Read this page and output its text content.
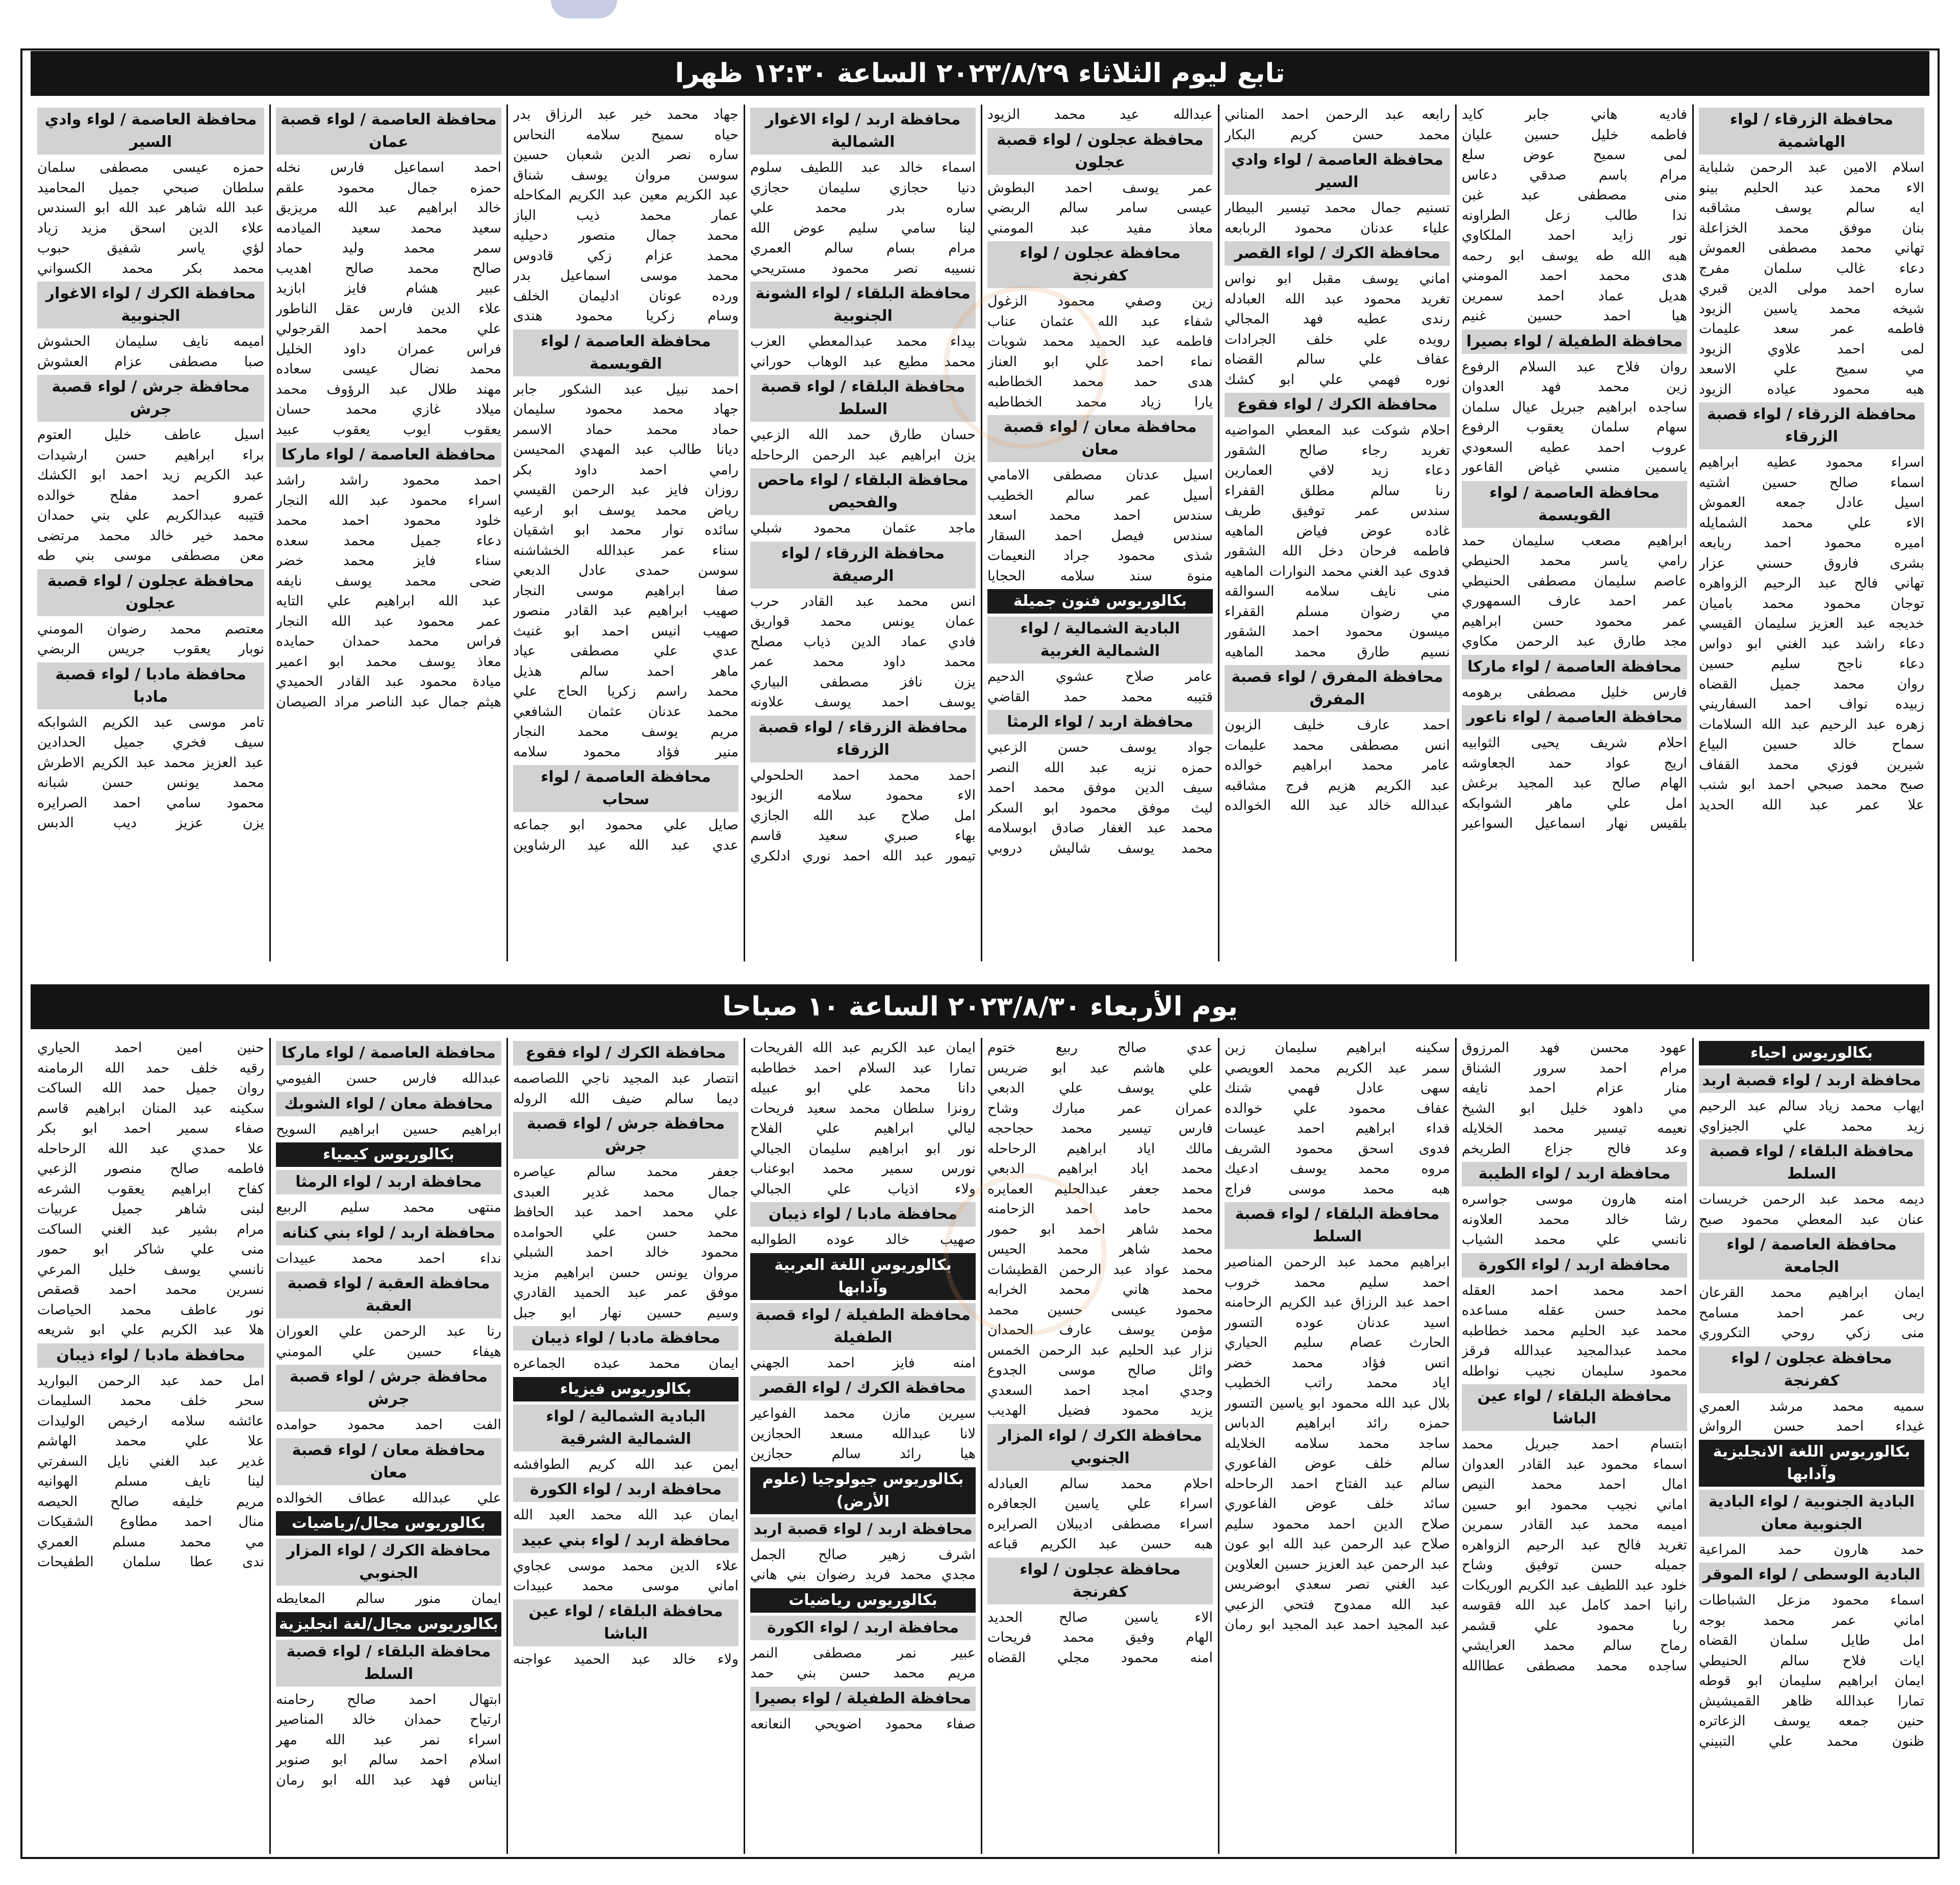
تابع ليوم الثلاثاء ٢٠٢٣/٨/٢٩ الساعة ١٢:٣٠ ظهرا
محافظة الزرقاء / لواء الهاشمية
اسلام الامين عبد الرحمن شلباية
الاء محمد عبد الحليم بينو
ايه سالم يوسف مشاقبه
بنان موفق محمد الخزاعلة
تهاني محمد مصطفى العموش
دعاء غالب سلمان مفرج
ساره احمد مولى الدين قبري
شيخه محمد ياسين الزيود
فاطمه عمر سعد عليمات
لمى احمد علاوي الزيود
مي سميح علي الاسعد
هبه محمود عياده الزيود
محافظة الزرقاء / لواء قصبة الزرقاء
اسراء محمود عطيه ابراهيم
اسماء صالح حسين اشتيه
اسيل عادل جمعه العموش
الاء علي محمد الشمايله
اميره محمود احمد ربابعه
بشرى فاروق حسني عزار
تهاني فالح عبد الرحيم الزواهره
توجان محمود محمد باميان
خديجه عبد العزيز سليمان القيسي
دعاء راشد عبد الغني ابو دواس
دعاء ناجح سليم حسين
روان محمد جميل القضاه
زبيده نواف احمد السفاريني
زهره عبد الرحيم عبد الله السلامات
سماح خالد حسين البياع
شيرين فوزي محمد القفاف
صبح محمد صبحي احمد ابو شنب
علا عمر عبد الله الحديد
فاديه هاني جابر كايد
فاطمه خليل حسين عليان
لمى سميح عوض سلع
مرام باسم صدقي دعاس
منى مصطفى عبد غبن
ندا طالب زعل الطراونه
نور زايد احمد الملكاوي
هبه الله طه يوسف ابو رحمه
هدى محمد احمد المومني
هديل عماد احمد سمرين
هيا احمد حسين غنيم
محافظة الطفيلة / لواء بصيرا
روان فلاح عبد السلام الرفوع
زين محمد فهد العدوان
ساجده ابراهيم جبريل عيال سلمان
سهام سلمان يعقوب الرفوع
عروب احمد عطيه السعودي
ياسمين منسي غياض القاعور
محافظة العاصمة / لواء القويسمة
ابراهيم مصعب سليمان حمد
رامي ياسر محمد الحنيطي
عاصم سليمان مصطفى الحنيطي
عمر احمد عارف السمهوري
عمر محمود حسن ابراهيم
مجد طارق عبد الرحمن مكاوي
محافظة العاصمة / لواء ماركا
فارس خليل مصطفى برهومه
محافظة العاصمة / لواء ناعور
احلام شريف يحيى الثوابيه
اريج عواد حمد الجعاوشه
الهام صالح عبد المجيد برغش
امل علي ماهر الشوابكه
بلقيس نهار اسماعيل السواعير
رابعه عبد الرحمن احمد المناني
محمد حسن كريم البكار
محافظة العاصمة / لواء وادي السير
تسنيم جمال محمد تيسير البيطار
علياء عدنان محمود الربابعه
محافظة الكرك / لواء القصر
اماني يوسف مقبل ابو نواس
تغريد محمود عبد الله العبادله
رندى عطيه فهد المجالي
رويده علي خلف الجرادات
عفاف علي سالم القضاه
نوره فهمي علي ابو كشك
محافظة الكرك / لواء فقوع
احلام شوكت عبد المعطي المواضيه
تغريد رجاء صالح الشقور
دعاء زيد لافي العمارين
رنا سالم مطلق القفراء
سندس عمر توفيق طريف
غاده عوض فياض الماهيه
فاطمه فرحان دخل الله الشقور
فدوى عبد الغني محمد النوارات الماهيه
منى نايف سلامه السوالقه
مي رضوان مسلم القفراء
ميسون محمود احمد الشقور
نسيم طارق محمد الماهيه
محافظة المفرق / لواء قصبة المفرق
احمد عارف خليف الزبون
انس مصطفى محمد عليمات
عامر محمد ابراهيم خوالده
عبد الكريم هزيم فرج مشاقبه
عبدالله خالد عبد الله الخوالده
عبدالله عيد محمد الزيود
محافظة عجلون / لواء قصبة عجلون
عمر يوسف احمد البطوش
عيسى سامر سالم الربضي
معاذ مفيد عبد المومني
محافظة عجلون / لواء كفرنجة
زين وصفي محمود الزغول
شفاء عبد الله عثمان عناب
فاطمه عبد الحميد محمد شويات
نماء احمد علي ابو العناز
هدى حمد محمد الخطاطبه
يارا زياد محمد الخطاطبه
محافظة معان / لواء قصبة معان
اسيل عدنان مصطفى الامامي
أسيل عمر سالم الخطيب
سندس احمد محمد اسعد
سندس فيصل احمد السقار
شذى محمود جراد النعيمات
منوة سند سلامه الحجايا
بكالوريوس فنون جميلة
البادية الشمالية / لواء الشمالية الغربية
عامر صلاح عشوي الدحيم
قتيبه محمد حمد القاضي
محافظة اربد / لواء الرمثا
جواد يوسف حسن الزعبي
حمزه نزيه عبد الله النصر
سيف الدين موفق محمد احمد
ليث موفق محمود ابو السكر
محمد عبد الغفار صادق ابوسلامه
محمد يوسف شاليش دروبي
محافظة اربد / لواء الاغوار الشمالية
اسماء خالد عبد اللطيف سلوم
دنيا حجازي سليمان حجازي
ساره بدر محمد علي
لينا سامي سليم عوض الله
مرام بسام سالم العمري
نسيبه نصر محمود مستريحي
محافظة البلقاء / لواء الشونة الجنوبية
بيداء محمد عبدالمعطي العزب
محمد مطيع عبد الوهاب حوراني
محافظة البلقاء / لواء قصبة السلط
حسان طارق حمد الله الزعبي
يزن ابراهيم عبد الرحمن الرحاحله
محافظة البلقاء / لواء ماحص والفحيص
ماجد عثمان محمود شبلي
محافظة الزرقاء / لواء الرصيفة
انس محمد عبد القادر حرب
عمان يونس محمد قواريق
فادي عماد الدين ذياب مصلح
محمد داود محمد عمر
يزن نافز مصطفى البياري
يوسف احمد يوسف علاونه
محافظة الزرقاء / لواء قصبة الزرقاء
احمد محمد احمد الحلحولي
الاء محمود سلامه الزيود
امل صلاح عبد الله الجازي
بهاء صبري سعيد قاسم
تيمور عبد الله احمد نوري ادلكري
جهاد محمد خير عبد الرزاق بدر
حياه سميح سلامه النحاس
ساره نصر الدين شعبان حسين
سوسن مروان يوسف شناق
عبد الكريم معين عبد الكريم المكاحله
عمار محمد ذيب الباز
محمد جمال منصور دحيليه
محمد عزام زكي قادوس
محمد موسى اسماعيل بدر
ورده عونان ادليمان الخلف
وسام زكريا محمود هندى
محافظة العاصمة / لواء القويسمة
احمد نبيل عبد الشكور جابر
جهاد محمد محمود سليمان
حماد محمد حماد الاسمر
ديانا طالب عبد المهدي المحيسن
رامي احمد داود بكر
روزان فايز عبد الرحمن القيسي
رياض محمد يوسف ابو ارعيه
سائده نوار محمد ابو اشقيان
سناء عمر عبدالله الخشاشنه
سوسن حمدى عادل الدبعي
صفا ابراهيم موسى النجار
صهيب ابراهيم عبد القادر منصور
صهيب انيس احمد ابو غنيث
عدي علي مصطفى عياد
ماهر احمد سالم هذيل
محمد راسم زكريا الحاج علي
محمد عدنان عثمان الشافعي
مريم يوسف محمد النجار
منير فؤاد محمود سلامه
محافظة العاصمة / لواء سحاب
صايل علي محمود ابو جماعه
عدي عبد الله عيد الرشاوين
محافظة العاصمة / لواء قصبة عمان
احمد اسماعيل فارس نخله
حمزه جمال محمود علقم
خالد ابراهيم عبد الله مريزيق
سعيد محمد سعيد الميادمه
سمر محمد وليد حماد
صالح محمد صالح اهديب
عبير هشام فايز ابازيد
علاء الدين فارس عقل الناطور
علي محمد احمد القرجولي
فراس عمران داود الخليل
محمد نضال عيسى سعاده
مهند طلال عبد الرؤوف محمد
ميلاد غازي محمد حسان
يعقوب ايوب يعقوب عبيد
محافظة العاصمة / لواء ماركا
احمد محمود راشد راشد
اسراء محمود عبد الله النجار
خلود محمود احمد محمد
دعاء جميل محمد سعده
سناء فايز محمد خضر
ضحى محمد يوسف نايفه
عبد الله ابراهيم علي التايه
عمر محمود عبد الله النجار
فراس محمد حمدان حمايده
معاذ يوسف محمد ابو اعمير
ميادة محمود عبد القادر الحميدي
هيثم جمال عبد الناصر مراد الصيصان
محافظة العاصمة / لواء وادي السير
حمزه عيسى مصطفى سلمان
سلطان صبحي جميل المحاميد
عبد الله شاهر عبد الله ابو السندس
علاء الدين اسحق مزيد زياد
لؤي ياسر شفيق حبوب
محمد بكر محمد الكسواني
محافظة الكرك / لواء الاغوار الجنوبية
اميمه نايف سليمان الحشوش
صبا مصطفى عزام العشوش
محافظة جرش / لواء قصبة جرش
اسيل عاطف خليل العتوم
براء ابراهيم حسن ارشيدات
عبد الكريم زيد احمد ابو الكشك
عمرو احمد مفلح خوالده
قتيبه عبدالكريم علي بني حمدان
محمد خير خالد محمد مرتضى
معن مصطفى موسى بني طه
محافظة عجلون / لواء قصبة عجلون
معتصم محمد رضوان المومني
نوبار يعقوب جريس الربضي
محافظة مادبا / لواء قصبة مادبا
تامر موسى عبد الكريم الشوابكه
سيف فخري جميل الحدادين
عبد العزيز محمد عبد الكريم الاطرش
محمد يونس حسن شبانه
محمود سامي احمد الصرايره
يزن عزيز ديب الدبس
يوم الأربعاء ٢٠٢٣/٨/٣٠ الساعة ١٠ صباحا
بكالوريوس احياء
محافظة اربد / لواء قصبة اربد
ايهاب محمد زياد سالم عبد الرحيم
زيد محمد علي الجيزاوي
محافظة البلقاء / لواء قصبة السلط
ديمه محمد عبد الرحمن خريسات
عنان عبد المعطي محمود صبح
محافظة العاصمة / لواء الجامعة
ايمان ابراهيم محمد القرعان
ربى عمر احمد مسامح
منى زكي روحي التكروري
محافظة عجلون / لواء كفرنجة
سميه محمد مرشد العمري
غيداء احمد حسن الرواش
بكالوريوس اللغة الانجليزية وآدابها
البادية الجنوبية / لواء البادية الجنوبية معان
حمد هارون حمد المراعية
البادية الوسطى / لواء الموقر
اسماء محمود مزعل الشباطات
اماني عمر محمد بوجه
امل طايل سلمان القضاه
ايات فلاح سالم الحنيطي
ايمان ابراهيم سليمان ابو قوطه
تمارا عبدالله ظاهر القميشيش
حنين جمعه يوسف الزعاتره
ظنون محمد علي التبيني
عهود محسن فهد المرزوق
مرام احمد سرور الشناق
منار عزام احمد نايفه
مي داهود خليل ابو الشيخ
نعيمه تيسير محمد الخلايله
وعد فالح جزاع الطريخم
محافظة اربد / لواء الطيبة
امنه هارون موسى جواسره
رشا خالد محمد العلاونه
نانسي علي محمد الشياب
محافظة اربد / لواء الكورة
احمد محمد احمد العقله
محمد حسن عقله مساعده
محمد عبد الحليم محمد خطاطبه
محمد عبدالمجيد عبدالله فرقز
محمود سليمان نجيب نواطله
محافظة البلقاء / لواء عين الباشا
ابتسام احمد جبريل محمد
اسماء محمود عبد القادر العدوان
امال احمد محمد النيص
اماني نجيب محمود ابو حسين
اميمه محمد عبد القادر سمرين
تغريد فالح عبد الرحيم الزواهره
جميله حسن توفيق وشاح
خلود عبد اللطيف عبد الكريم الوريكات
رانيا احمد كامل عبد الله فقوسه
ربا محمود علي قشمر
رماح سالم محمد العرايشي
ساجده محمد مصطفى عطاالله
سكينه ابراهيم سليمان زبن
سمر عبد الكريم محمد العويصي
سهى عادل فهمي شنك
عفاف محمود علي خوالده
فداء ابراهيم احمد عيسات
فدوى اسحق محمود الشريف
مروه محمد يوسف ادعيك
هبه محمد موسى فراج
محافظة البلقاء / لواء قصبة السلط
ابراهيم محمد عبد الرحمن المناصير
احمد سليم محمد خروب
احمد عبد الرزاق عبد الكريم الرحامنه
اسيد عدنان عوده التسور
الحارث عصام سليم الحياري
انس فؤاد محمد خضر
اياد محمد راتب الخطيب
بلال عبد الله محمود ابو ياسين التسور
حمزه رائد ابراهيم الدباس
ساجد محمد سلامه الخلايله
سالم خلف عوض الفاعوري
سالم عبد الفتاح احمد الرحاحله
سائد خلف عوض الفاعوري
صلاح الدين احمد محمود سليم
صلاح عبد الرحمن عبد الله ابو عون
عبد الرحمن عبد العزيز حسين العلاوين
عبد الغني نصر سعدي ابوضريس
عبد الله ممدوح فتحي الزعبي
عبد المجيد احمد عبد المجيد ابو رمان
عدي صالح ربيع ختوم
علي هاشم عبد ابو ضريس
علي يوسف علي الدبعي
عمران عمر مبارك وشاح
فارس تيسير محمد حجاحجه
مالك اياد ابراهيم الرحاحله
محمد اياد ابراهيم الدبعي
محمد جعفر عبدالحليم العمايره
محمد حامد احمد الزحامنه
محمد شاهر احمد ابو حمور
محمد شاهر محمد الحيس
محمد عواد عبد الرحمن القطيشات
محمد هاني محمد الخرابه
محمود عيسى حسين محمد
مؤمن يوسف عارف الحمدان
نزار عبد الحليم عبد الرحمن الخمس
وائل صالح موسى الجدوع
وجدي امجد احمد السعدي
يزيد محمود فضيل الهديب
محافظة الكرك / لواء المزار الجنوبي
احلام محمد سالم العبادله
اسراء علي ياسين الجعافره
اسراء مصطفى اديبلان الصرايره
هبه حسن عبد الكريم قباعه
محافظة عجلون / لواء كفرنجة
الاء ياسين صالح الحديد
الهام وفيق محمد فريحات
امنه محمود مجلي القضاه
ايمان عبد الكريم عبد الله الفريحات
تمارا عبد السلام احمد خطاطبه
دانا محمد علي ابو عبيله
رونزا سلطان محمد سعيد فريحات
ليالي ابراهيم علي الفلاح
نور ابو ابراهيم سليمان الجبالي
نورس سمير محمد ابوعناب
ولاء اذياب علي الجبالي
محافظة مادبا / لواء ذيبان
صهيب خالد عوده الطوالبه
بكالوريوس اللغة العربية وآدابها
محافظة الطفيلة / لواء قصبة الطفيلة
امنه فايز احمد الجهني
محافظة الكرك / لواء القصر
سيرين مازن محمد الفواعير
لانا عبدالله مسعد الحجازين
هيا رائد سالم حجازين
بكالوريوس جيولوجيا (علوم الأرض)
محافظة اربد / لواء قصبة اربد
اشرف زهير صالح الجمل
مجدي محمد فريد رضوان بني هاني
بكالوريوس رياضيات
محافظة اربد / لواء الكورة
عبير نمر مصطفى النمر
مريم محمد حسن بني حمد
محافظة الطفيلة / لواء بصيرا
صفاء محمود اضويحي النعانعه
محافظة الكرك / لواء فقوع
انتصار عبد المجيد ناجي اللصاصمه
ديما سالم ضيف الله الروله
محافظة جرش / لواء قصبة جرش
جعفر محمد سالم عياصره
جمال محمد غدير العبدى
علي محمد احمد عبد الحافظ
محمد حسن علي الحوامده
محمود خالد احمد الشبلي
مروان يونس حسن ابراهيم مزيد
موفق عمر عبد الحميد القادري
وسيم حسين نهار ابو جبل
محافظة مادبا / لواء ذيبان
ايمان محمد عبده الجماعره
بكالوريوس فيزياء
البادية الشمالية / لواء الشمالية الشرقية
ايمن عبد الله كريم الطوافشه
محافظة اربد / لواء الكورة
ايمان عبد الله محمد العبد الله
محافظة اربد / لواء بني عبيد
علاء الدين محمد موسى عجاوي
اماني موسى محمد عبيدات
محافظة البلقاء / لواء عين الباشا
ولاء خالد عبد الحميد عواجنه
محافظة العاصمة / لواء ماركا
عبدالله فارس حسن الفيومي
محافظة معان / لواء الشوبك
ابراهيم حسين ابراهيم السويح
بكالوريوس كيمياء
محافظة اربد / لواء الرمثا
منتهى محمد سليم الربيع
محافظة اربد / لواء بني كنانه
نداء احمد محمد عبيدات
محافظة العقبة / لواء قصبة العقبة
رنا عبد الرحمن علي العوران
هيفاء حسين علي المومني
محافظة جرش / لواء قصبة جرش
الفت احمد محمود حوامده
محافظة معان / لواء قصبة معان
علي عبدالله عطاف الخوالده
بكالوريوس مجال/رياضيات
محافظة الكرك / لواء المزار الجنوبي
ايمان منور سالم المعايطه
بكالوريوس مجال/لغة انجليزية
محافظة البلقاء / لواء قصبة السلط
ابتهال احمد صالح رحامنه
ارتياح حمدان خالد المناصير
اسراء نمر عبد الله مهر
اسلام احمد سالم ابو صنوبر
ايناس فهد عبد الله ابو رمان
حنين امين احمد الحياري
رقيه خلف حمد الله الرمامنه
روان جميل حمد الله الساكت
سكينه عبد المنان ابراهيم قاسم
صفاء سمير احمد ابو بكر
علا حمدي عبد الله الرحاحله
فاطمه صالح منصور الزعبي
كفاح ابراهيم يعقوب الشرعه
لبنى شاهر جميل عربيات
مرام بشير عبد الغني الساكت
منى علي شاكر ابو حمور
نانسي يوسف خليل المرعي
نسرين محمد احمد قصقص
نور عاطف محمد الحياصات
هلا عبد الكريم علي ابو شريعه
محافظة مادبا / لواء ذيبان
امل حمد عبد الرحمن البواريد
سحر خلف محمد السليمات
عائشه سلامه ارخيص الوليدات
علا علي محمد الهاشم
غدير عبد الغني نايل السفرتي
لينا نايف مسلم الهوانيه
مريم خليفه صالح الحيصه
منال احمد مطاوع الشقيكات
مي محمد مسلم العمري
ندى عطا سلمان الطفيحات
